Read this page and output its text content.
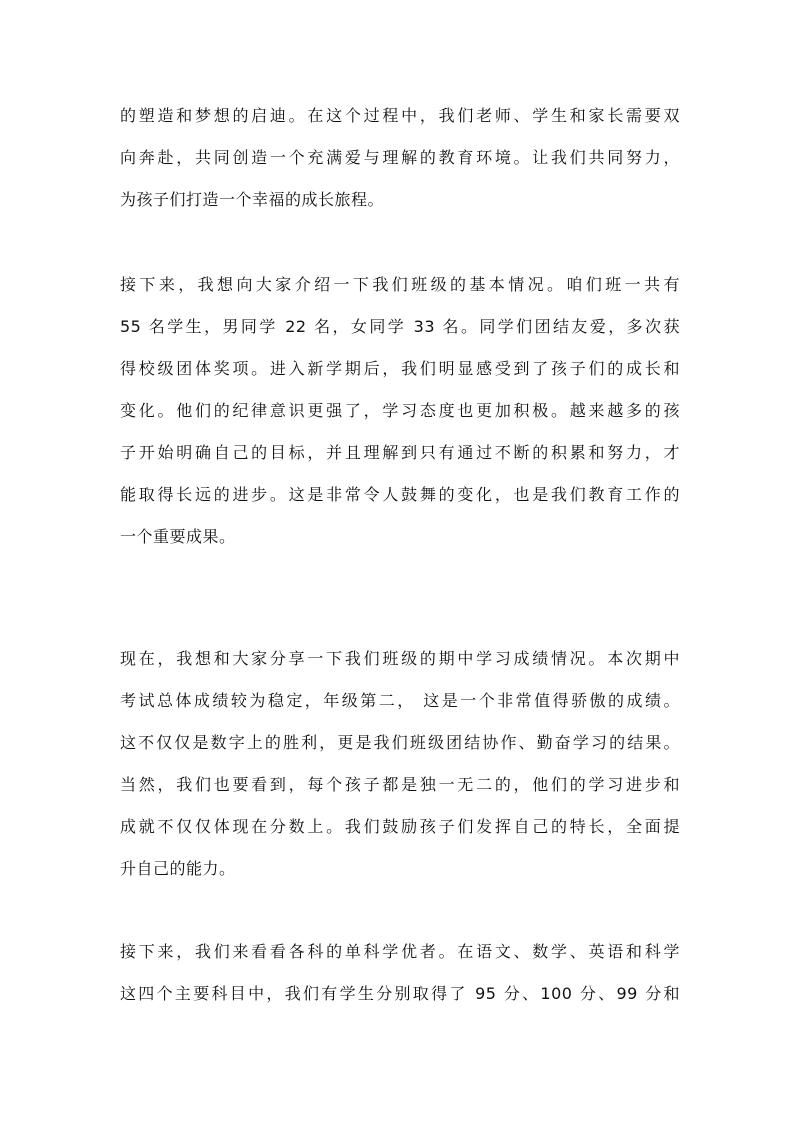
的塑造和梦想的启迪。在这个过程中，我们老师、学生和家长需要双
向奔赴，共同创造一个充满爱与理解的教育环境。让我们共同努力，
为孩子们打造一个幸福的成长旅程。
接下来，我想向大家介绍一下我们班级的基本情况。咱们班一共有
55 名学生，男同学 22 名，女同学 33 名。同学们团结友爱，多次获
得校级团体奖项。进入新学期后，我们明显感受到了孩子们的成长和
变化。他们的纪律意识更强了，学习态度也更加积极。越来越多的孩
子开始明确自己的目标，并且理解到只有通过不断的积累和努力，才
能取得长远的进步。这是非常令人鼓舞的变化，也是我们教育工作的
一个重要成果。
现在，我想和大家分享一下我们班级的期中学习成绩情况。本次期中
考试总体成绩较为稳定，年级第二， 这是一个非常值得骄傲的成绩。
这不仅仅是数字上的胜利，更是我们班级团结协作、勤奋学习的结果。
当然，我们也要看到，每个孩子都是独一无二的，他们的学习进步和
成就不仅仅体现在分数上。我们鼓励孩子们发挥自己的特长，全面提
升自己的能力。
接下来，我们来看看各科的单科学优者。在语文、数学、英语和科学
这四个主要科目中，我们有学生分别取得了 95 分、100 分、99 分和
